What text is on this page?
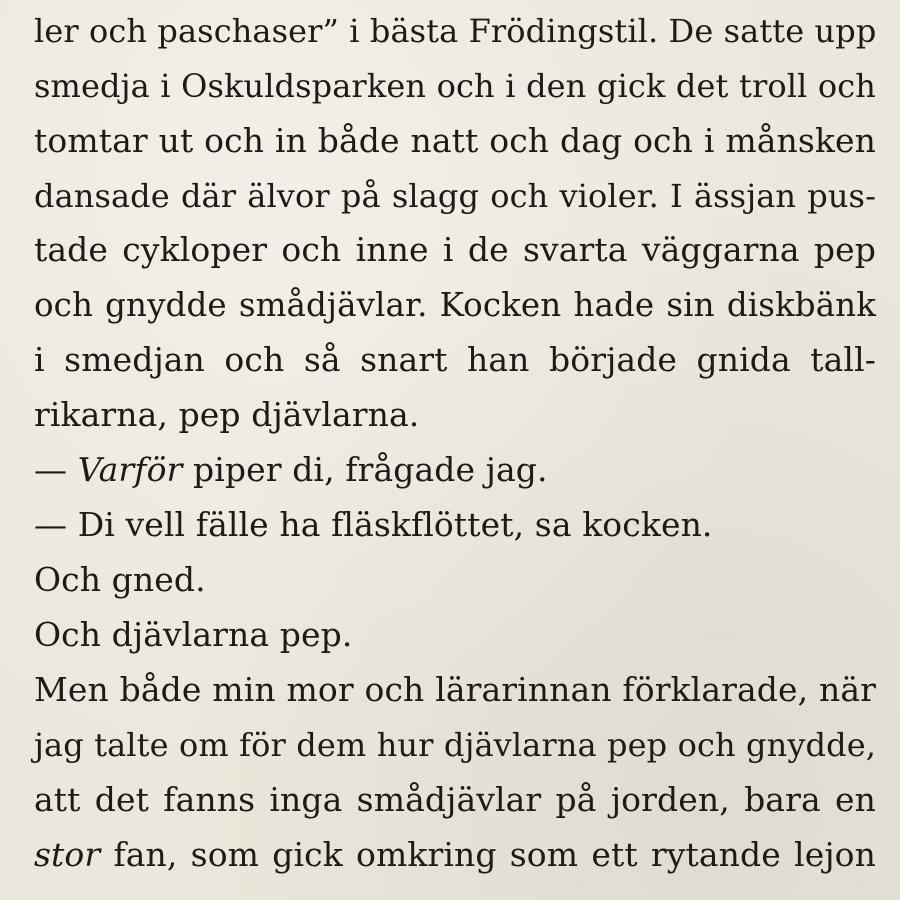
ler och paschaser” i bästa Frödingstil. De satte upp
smedja i Oskuldsparken och i den gick det troll och
tomtar ut och in både natt och dag och i månsken
dansade där älvor på slagg och violer. I ässjan pus-
tade cykloper och inne i de svarta väggarna pep
och gnydde smådjävlar. Kocken hade sin diskbänk
i smedjan och så snart han började gnida tall-
rikarna, pep djävlarna.
— Varför piper di, frågade jag.
— Di vell fälle ha fläskflöttet, sa kocken.
Och gned.
Och djävlarna pep.
Men både min mor och lärarinnan förklarade, när
jag talte om för dem hur djävlarna pep och gnydde,
att det fanns inga smådjävlar på jorden, bara en
stor fan, som gick omkring som ett rytande lejon
